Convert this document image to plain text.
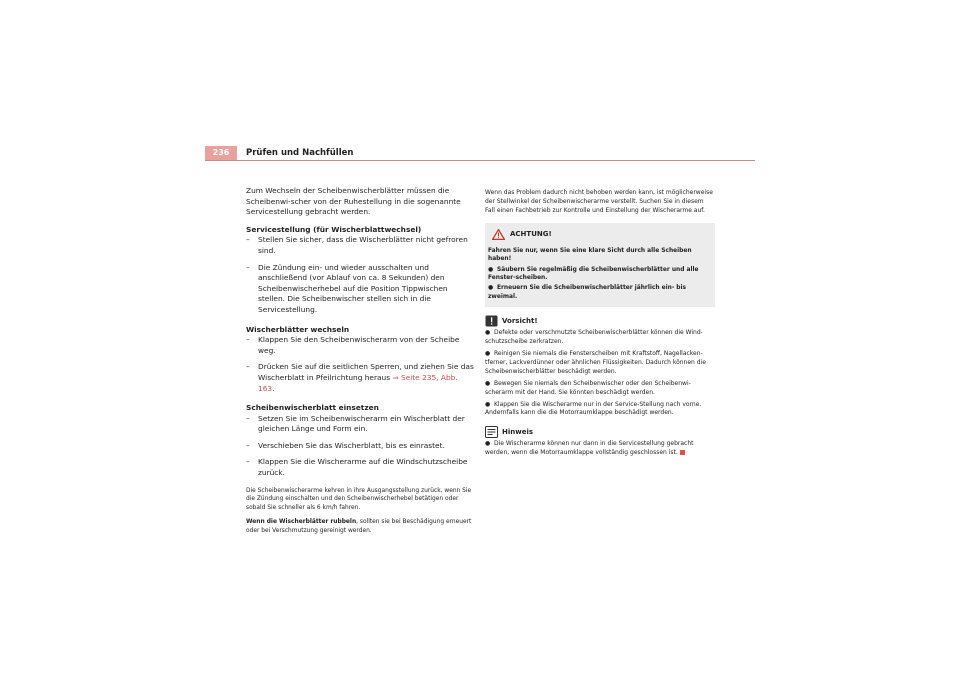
236	Prüfen und Nachfüllen

Zum Wechseln der Scheibenwischerblätter müssen die Scheibenwi-scher von der Ruhestellung in die sogenannte Servicestellung gebracht werden.

Servicestellung (für Wischerblattwechsel)

– Stellen Sie sicher, dass die Wischerblätter nicht gefroren sind.
– Die Zündung ein- und wieder ausschalten und anschließend (vor Ablauf von ca. 8 Sekunden) den Scheibenwischerhebel auf die Position Tippwischen stellen. Die Scheibenwischer stellen sich in die Servicestellung.

Wischerblätter wechseln

– Klappen Sie den Scheibenwischerarm von der Scheibe weg.
– Drücken Sie auf die seitlichen Sperren, und ziehen Sie das Wischerblatt in Pfeilrichtung heraus ⇒ Seite 235, Abb. 163.

Scheibenwischerblatt einsetzen

– Setzen Sie im Scheibenwischerarm ein Wischerblatt der gleichen Länge und Form ein.
– Verschieben Sie das Wischerblatt, bis es einrastet.
– Klappen Sie die Wischerarme auf die Windschutzscheibe zurück.

Die Scheibenwischerarme kehren in ihre Ausgangsstellung zurück, wenn Sie die Zündung einschalten und den Scheibenwischerhebel betätigen oder sobald Sie schneller als 6 km/h fahren.

Wenn die Wischerblätter rubbeln, sollten sie bei Beschädigung erneuert oder bei Verschmutzung gereinigt werden.

Wenn das Problem dadurch nicht behoben werden kann, ist möglicherweise der Stellwinkel der Scheibenwischerarme verstellt. Suchen Sie in diesem Fall einen Fachbetrieb zur Kontrolle und Einstellung der Wischerarme auf.

ACHTUNG!
Fahren Sie nur, wenn Sie eine klare Sicht durch alle Scheiben haben!
● Säubern Sie regelmäßig die Scheibenwischerblätter und alle Fenster-scheiben.
● Erneuern Sie die Scheibenwischerblätter jährlich ein- bis zweimal.
Vorsicht!
● Defekte oder verschmutzte Scheibenwischerblätter können die Wind-schutzscheibe zerkratzen.
● Reinigen Sie niemals die Fensterscheiben mit Kraftstoff, Nagellacken-tferner, Lackverdünner oder ähnlichen Flüssigkeiten. Dadurch können die Scheibenwischerblätter beschädigt werden.
● Bewegen Sie niemals den Scheibenwischer oder den Scheibenwi-scherarm mit der Hand. Sie könnten beschädigt werden.
● Klappen Sie die Wischerarme nur in der Service-Stellung nach vorne. Andernfalls kann die die Motorraumklappe beschädigt werden.
Hinweis
● Die Wischerarme können nur dann in die Servicestellung gebracht werden, wenn die Motorraumklappe vollständig geschlossen ist.
